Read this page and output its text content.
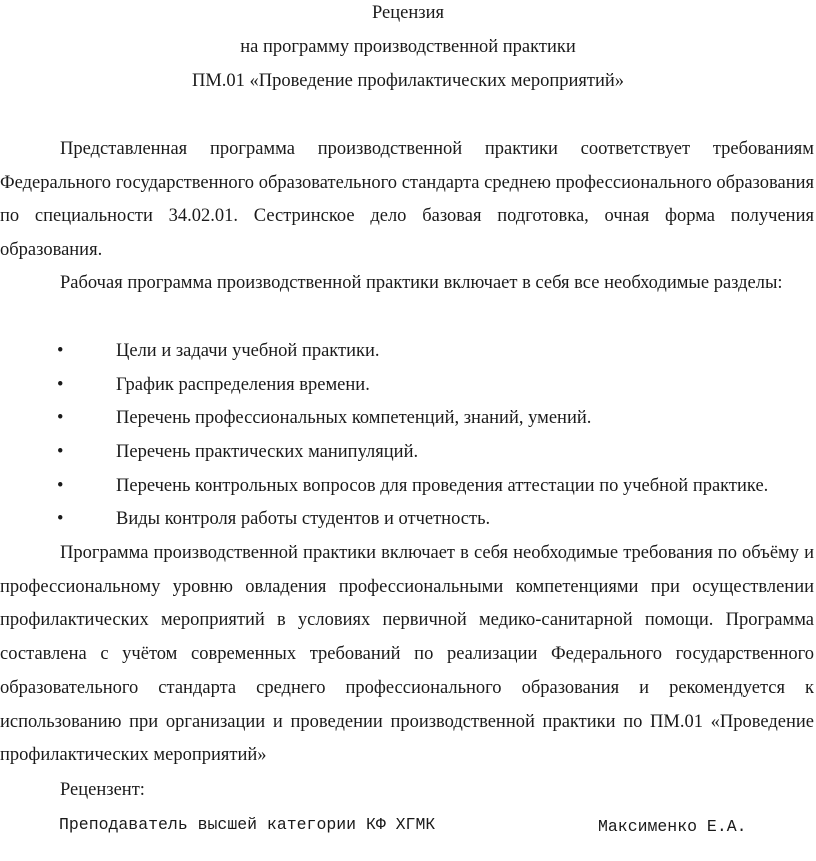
Рецензия
на программу производственной практики
ПМ.01 «Проведение профилактических мероприятий»

Представленная программа производственной практики соответствует требованиям Федерального государственного образовательного стандарта среднею профессионального образования по специальности 34.02.01. Сестринское дело базовая подготовка, очная форма получения образования.

Рабочая программа производственной практики включает в себя все необходимые разделы:

•	Цели и задачи учебной практики.
•	График распределения времени.
•	Перечень профессиональных компетенций, знаний, умений.
•	Перечень практических манипуляций.
•	Перечень контрольных вопросов для проведения аттестации по учебной практике.
•	Виды контроля работы студентов и отчетность.

Программа производственной практики включает в себя необходимые требования по объёму и профессиональному уровню овладения профессиональными компетенциями при осуществлении профилактических мероприятий в условиях первичной медико-санитарной помощи. Программа составлена с учётом современных требований по реализации Федерального государственного образовательного стандарта среднего профессионального образования и рекомендуется к использованию при организации и проведении производственной практики по ПМ.01 «Проведение профилактических мероприятий»

Рецензент:
Преподаватель высшей категории КФ ХГМК	Максименко Е.А.
